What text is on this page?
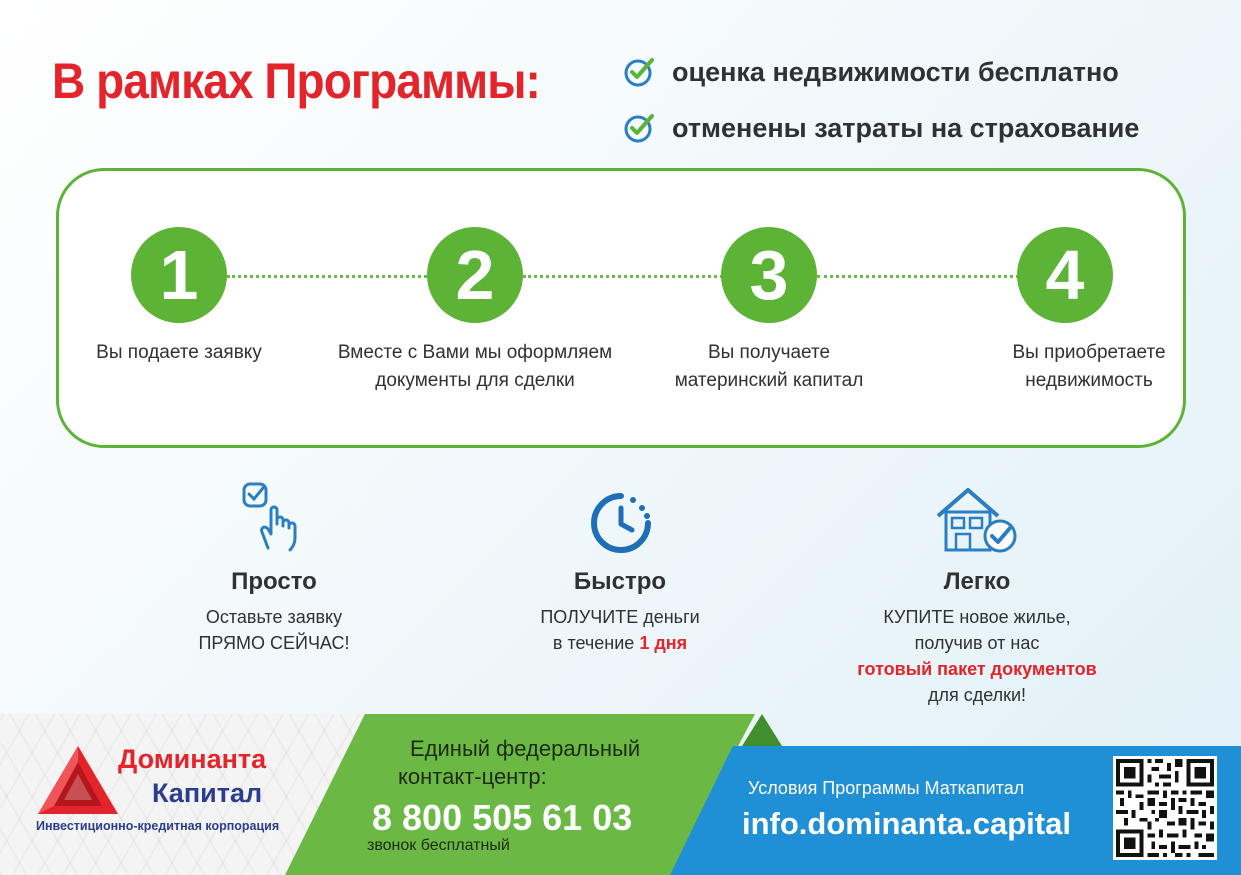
В рамках Программы:	оценка недвижимости бесплатно
отменены затраты на страхование
1	2	3	4
Вы подаете заявку	Вместе с Вами мы оформляем
документы для сделки
Вы получаете
материнский капитал
Вы приобретаете
недвижимость
Просто
Оставьте заявку
ПРЯМО СЕЙЧАС!
Быстро
ПОЛУЧИТЕ деньги
в течение 1 дня
Легко
КУПИТЕ новое жилье,
получив от нас
готовый пакет документов
для сделки!
Доминанта
Капитал
Инвестиционно-кредитная корпорация
Единый федеральный
контакт-центр:
8 800 505 61 03
звонок бесплатный
Условия Программы Маткапитал
info.dominanta.capital
